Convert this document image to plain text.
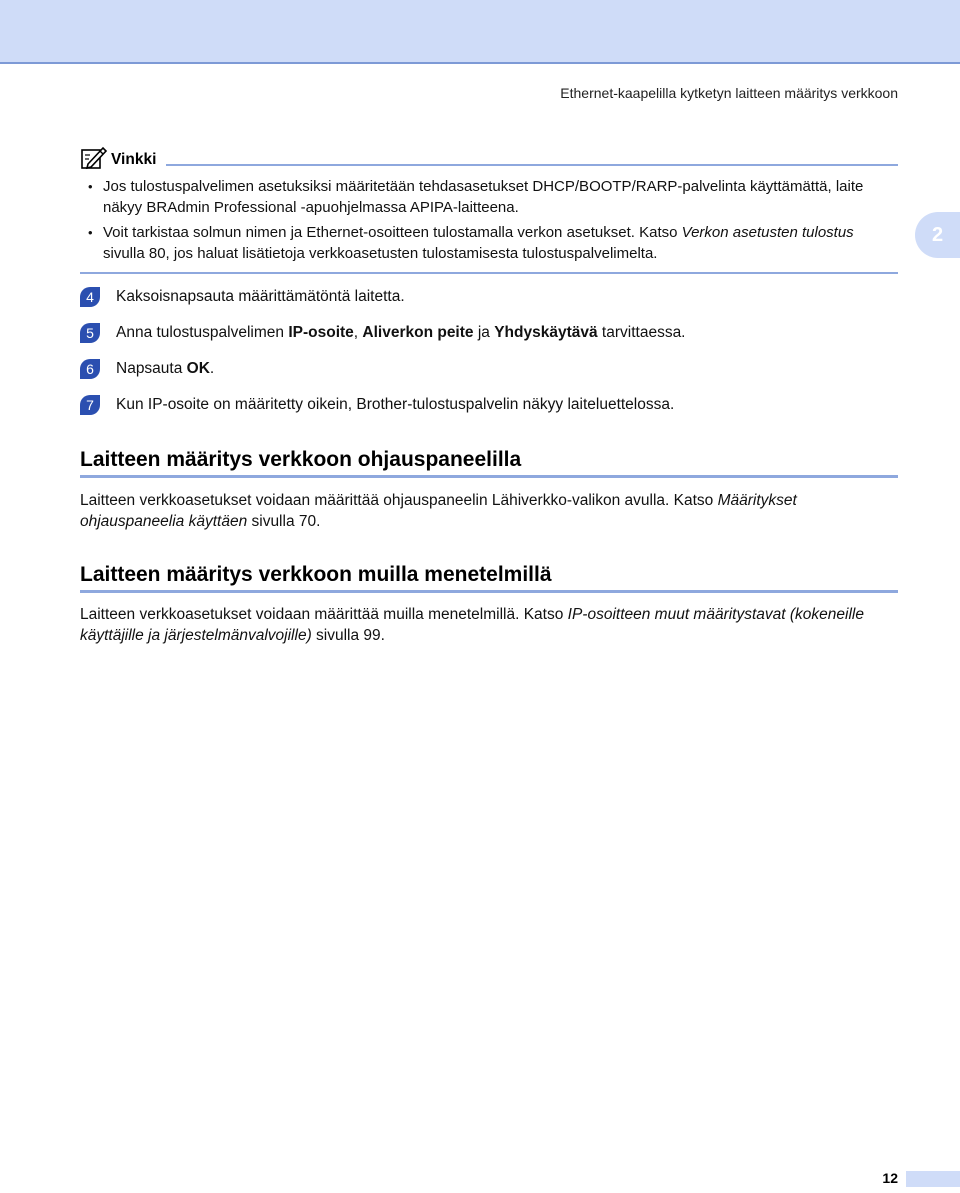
Ethernet-kaapelilla kytketyn laitteen määritys verkkoon
2
Vinkki
• Jos tulostuspalvelimen asetuksiksi määritetään tehdasasetukset DHCP/BOOTP/RARP-palvelinta käyttämättä, laite näkyy BRAdmin Professional -apuohjelmassa APIPA-laitteena.
• Voit tarkistaa solmun nimen ja Ethernet-osoitteen tulostamalla verkon asetukset. Katso Verkon asetusten tulostus sivulla 80, jos haluat lisätietoja verkkoasetusten tulostamisesta tulostuspalvelimelta.
4	Kaksoisnapsauta määrittämätöntä laitetta.
5	Anna tulostuspalvelimen IP-osoite, Aliverkon peite ja Yhdyskäytävä tarvittaessa.
6	Napsauta OK.
7	Kun IP-osoite on määritetty oikein, Brother-tulostuspalvelin näkyy laiteluettelossa.
Laitteen määritys verkkoon ohjauspaneelilla

Laitteen verkkoasetukset voidaan määrittää ohjauspaneelin Lähiverkko-valikon avulla. Katso Määritykset ohjauspaneelia käyttäen sivulla 70.

Laitteen määritys verkkoon muilla menetelmillä

Laitteen verkkoasetukset voidaan määrittää muilla menetelmillä. Katso IP-osoitteen muut määritystavat (kokeneille käyttäjille ja järjestelmänvalvojille) sivulla 99.

12
